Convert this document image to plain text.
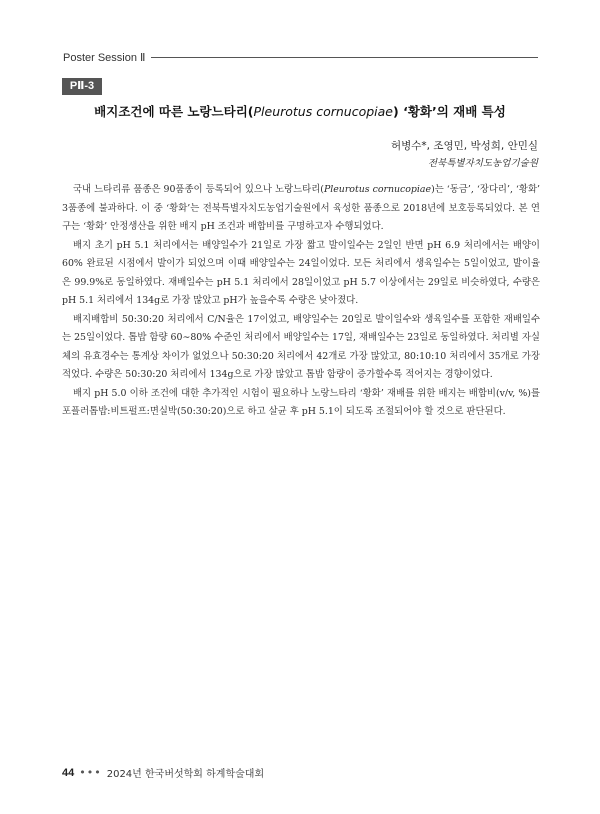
Poster Session Ⅱ
PⅡ-3
배지조건에 따른 노랑느타리(Pleurotus cornucopiae) ‘황화’의 재배 특성
허병수*, 조영민, 박성희, 안민실
전북특별자치도농업기술원

국내 느타리류 품종은 90품종이 등록되어 있으나 노랑느타리(Pleurotus cornucopiae)는 ‘동금’, ‘장다리’, ‘황화’ 3품종에 불과하다. 이 중 ‘황화’는 전북특별자치도농업기술원에서 육성한 품종으로 2018년에 보호등록되었다. 본 연구는 ‘황화’ 안정생산을 위한 배지 pH 조건과 배합비를 구명하고자 수행되었다.

배지 초기 pH 5.1 처리에서는 배양일수가 21일로 가장 짧고 발이일수는 2일인 반면 pH 6.9 처리에서는 배양이 60% 완료된 시점에서 발이가 되었으며 이때 배양일수는 24일이었다. 모든 처리에서 생육일수는 5일이었고, 발이율은 99.9%로 동일하였다. 재배일수는 pH 5.1 처리에서 28일이었고 pH 5.7 이상에서는 29일로 비슷하였다, 수량은 pH 5.1 처리에서 134g로 가장 많았고 pH가 높을수록 수량은 낮아졌다.

배지배합비 50:30:20 처리에서 C/N율은 17이었고, 배양일수는 20일로 발이일수와 생육일수를 포함한 재배일수는 25일이었다. 톱밥 함량 60∼80% 수준인 처리에서 배양일수는 17일, 재배일수는 23일로 동일하였다. 처리별 자실체의 유효경수는 통계상 차이가 없었으나 50:30:20 처리에서 42개로 가장 많았고, 80:10:10 처리에서 35개로 가장 적었다. 수량은 50:30:20 처리에서 134g으로 가장 많았고 톱밥 함량이 증가할수록 적어지는 경향이었다.

배지 pH 5.0 이하 조건에 대한 추가적인 시험이 필요하나 노랑느타리 ‘황화’ 재배를 위한 배지는 배합비(v/v, %)를 포플러톱밥:비트펄프:면실박(50:30:20)으로 하고 살균 후 pH 5.1이 되도록 조절되어야 할 것으로 판단된다.

44 ••• 2024년 한국버섯학회 하계학술대회
